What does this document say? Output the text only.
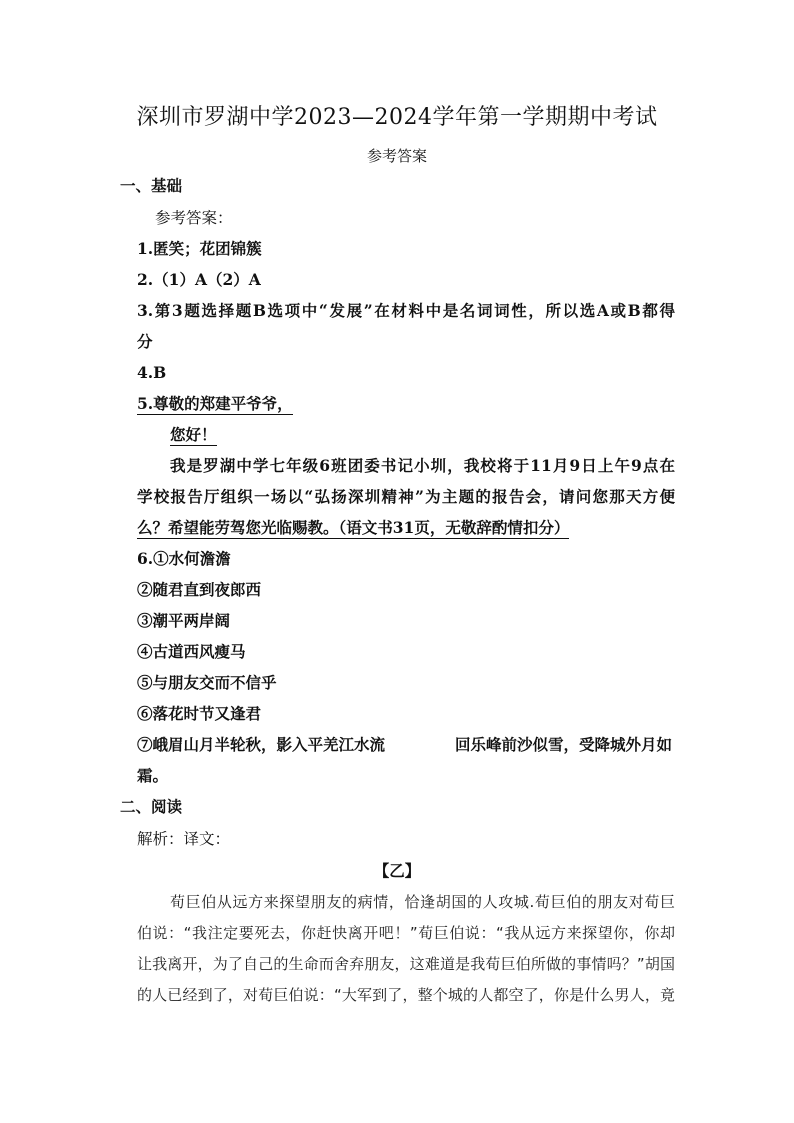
深圳市罗湖中学2023—2024学年第一学期期中考试
参考答案
一、基础
参考答案：
1.匿笑；花团锦簇
2.（1）A（2）A
3.第3题选择题B选项中“发展”在材料中是名词词性，所以选A或B都得
分
4.B
5.尊敬的郑建平爷爷，
您好！
我是罗湖中学七年级6班团委书记小圳，我校将于11月9日上午9点在
学校报告厅组织一场以“弘扬深圳精神”为主题的报告会，请问您那天方便
么？希望能劳驾您光临赐教。（语文书31页，无敬辞酌情扣分）
6.①水何澹澹
②随君直到夜郎西
③潮平两岸阔
④古道西风瘦马
⑤与朋友交而不信乎
⑥落花时节又逢君
⑦峨眉山月半轮秋，影入平羌江水流	回乐峰前沙似雪，受降城外月如
霜。
二、阅读
解析：译文：
【乙】
荀巨伯从远方来探望朋友的病情，恰逢胡国的人攻城.荀巨伯的朋友对荀巨
伯说：“我注定要死去，你赶快离开吧！”荀巨伯说：“我从远方来探望你，你却
让我离开，为了自己的生命而舍弃朋友，这难道是我荀巨伯所做的事情吗？”胡国
的人已经到了，对荀巨伯说：“大军到了，整个城的人都空了，你是什么男人，竟
